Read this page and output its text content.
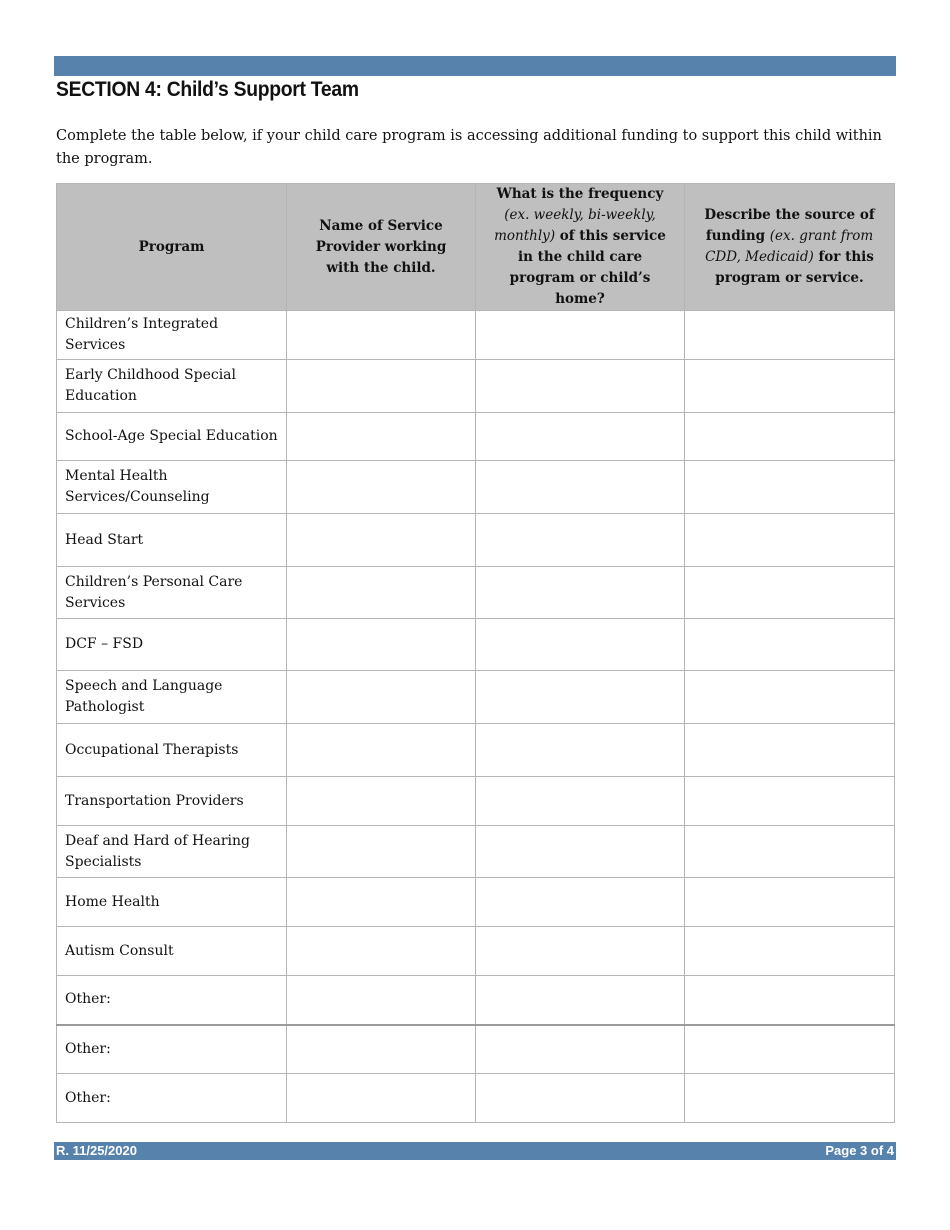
SECTION 4: Child’s Support Team

Complete the table below, if your child care program is accessing additional funding to support this child within the program.

Program	Name of Service Provider working with the child.	What is the frequency (ex. weekly, bi-weekly, monthly) of this service in the child care program or child’s home?	Describe the source of funding (ex. grant from CDD, Medicaid) for this program or service.
Children’s Integrated Services			
Early Childhood Special Education			
School-Age Special Education			
Mental Health Services/Counseling			
Head Start			
Children’s Personal Care Services			
DCF – FSD			
Speech and Language Pathologist			
Occupational Therapists			
Transportation Providers			
Deaf and Hard of Hearing Specialists			
Home Health			
Autism Consult			
Other:			
Other:			
Other:			
R. 11/25/2020	Page 3 of 4
